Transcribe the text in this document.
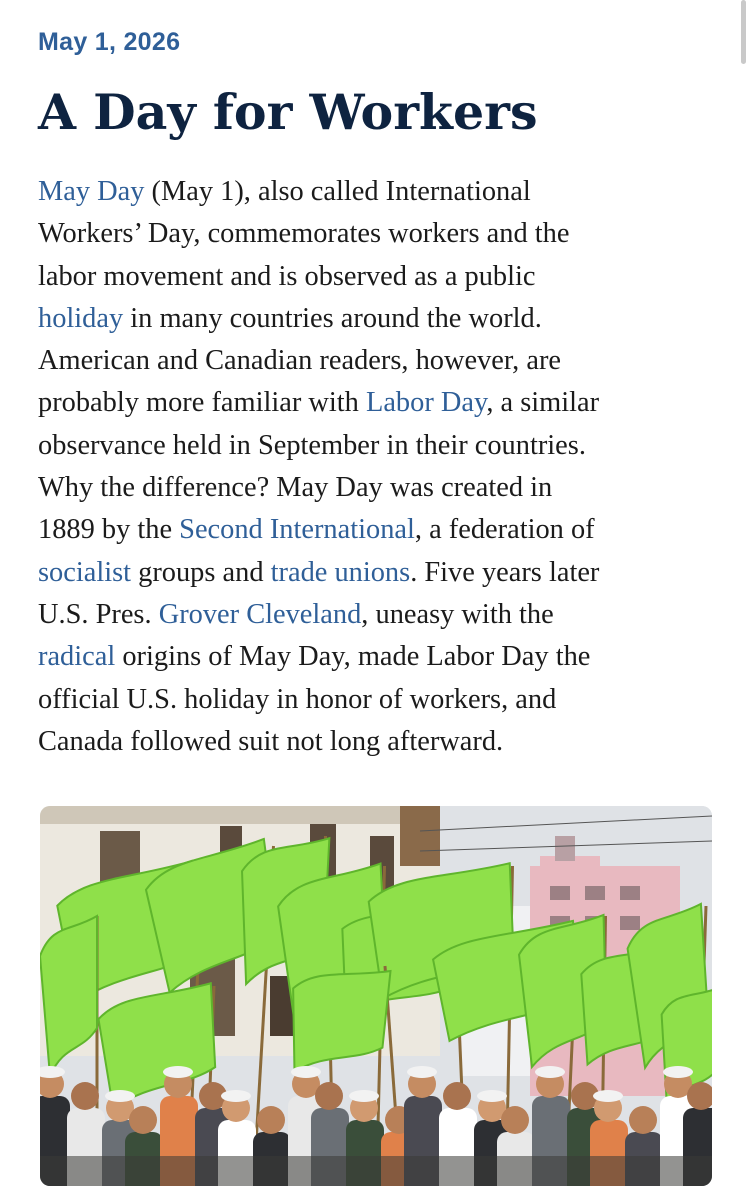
May 1, 2026
A Day for Workers
May Day (May 1), also called International
Workers’ Day, commemorates workers and the
labor movement and is observed as a public
holiday in many countries around the world.
American and Canadian readers, however, are
probably more familiar with Labor Day, a similar
observance held in September in their countries.
Why the difference? May Day was created in
1889 by the Second International, a federation of
socialist groups and trade unions. Five years later
U.S. Pres. Grover Cleveland, uneasy with the
radical origins of May Day, made Labor Day the
official U.S. holiday in honor of workers, and
Canada followed suit not long afterward.
